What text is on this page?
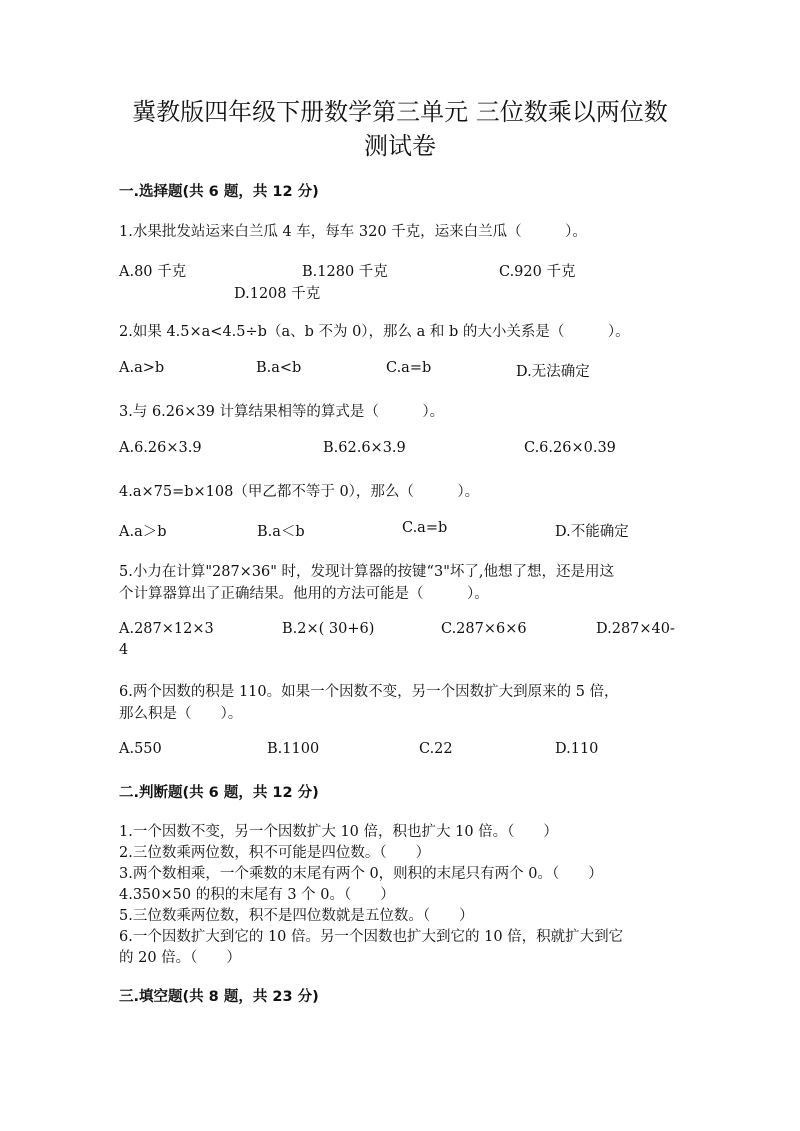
冀教版四年级下册数学第三单元 三位数乘以两位数
测试卷
一.选择题(共 6 题，共 12 分)
1.水果批发站运来白兰瓜 4 车，每车 320 千克，运来白兰瓜（　　　）。
A.80 千克	B.1280 千克	C.920 千克
D.1208 千克
2.如果 4.5×a<4.5÷b（a、b 不为 0），那么 a 和 b 的大小关系是（　　　）。
A.a>b	B.a<b	C.a=b	D.无法确定
3.与 6.26×39 计算结果相等的算式是（　　　）。
A.6.26×3.9	B.62.6×3.9	C.6.26×0.39
4.a×75=b×108（甲乙都不等于 0），那么（　　　）。
A.a＞b	B.a＜b	C.a=b	D.不能确定
5.小力在计算"287×36" 时，发现计算器的按键“3"坏了,他想了想，还是用这
个计算器算出了正确结果。他用的方法可能是（　　　）。
A.287×12×3	B.2×( 30+6)	C.287×6×6	D.287×40-
4
6.两个因数的积是 110。如果一个因数不变，另一个因数扩大到原来的 5 倍，
那么积是（　　）。
A.550	B.1100	C.22	D.110
二.判断题(共 6 题，共 12 分)
1.一个因数不变，另一个因数扩大 10 倍，积也扩大 10 倍。（　　）
2.三位数乘两位数，积不可能是四位数。（　　）
3.两个数相乘，一个乘数的末尾有两个 0，则积的末尾只有两个 0。（　　）
4.350×50 的积的末尾有 3 个 0。（　　）
5.三位数乘两位数，积不是四位数就是五位数。（　　）
6.一个因数扩大到它的 10 倍。另一个因数也扩大到它的 10 倍，积就扩大到它
的 20 倍。（　　）
三.填空题(共 8 题，共 23 分)
